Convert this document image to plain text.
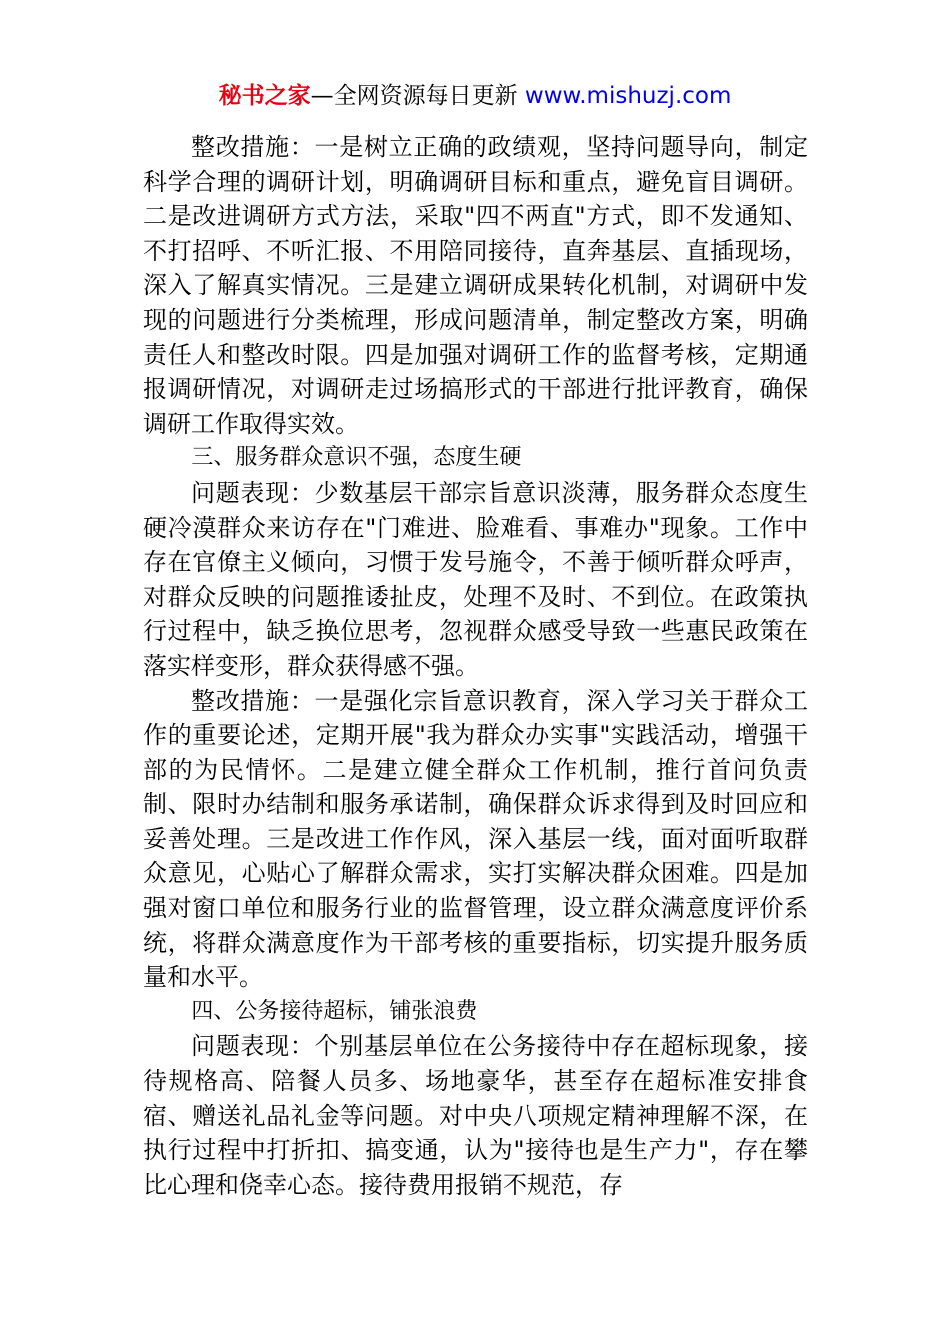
秘书之家—全网资源每日更新 www.mishuzj.com

整改措施：一是树立正确的政绩观，坚持问题导向，制定科学合理的调研计划，明确调研目标和重点，避免盲目调研。二是改进调研方式方法，采取"四不两直"方式，即不发通知、不打招呼、不听汇报、不用陪同接待，直奔基层、直插现场，深入了解真实情况。三是建立调研成果转化机制，对调研中发现的问题进行分类梳理，形成问题清单，制定整改方案，明确责任人和整改时限。四是加强对调研工作的监督考核，定期通报调研情况，对调研走过场搞形式的干部进行批评教育，确保调研工作取得实效。

三、服务群众意识不强，态度生硬

问题表现：少数基层干部宗旨意识淡薄，服务群众态度生硬冷漠群众来访存在"门难进、脸难看、事难办"现象。工作中存在官僚主义倾向，习惯于发号施令，不善于倾听群众呼声，对群众反映的问题推诿扯皮，处理不及时、不到位。在政策执行过程中，缺乏换位思考，忽视群众感受导致一些惠民政策在落实样变形，群众获得感不强。

整改措施：一是强化宗旨意识教育，深入学习关于群众工作的重要论述，定期开展"我为群众办实事"实践活动，增强干部的为民情怀。二是建立健全群众工作机制，推行首问负责制、限时办结制和服务承诺制，确保群众诉求得到及时回应和妥善处理。三是改进工作作风，深入基层一线，面对面听取群众意见，心贴心了解群众需求，实打实解决群众困难。四是加强对窗口单位和服务行业的监督管理，设立群众满意度评价系统，将群众满意度作为干部考核的重要指标，切实提升服务质量和水平。

四、公务接待超标，铺张浪费

问题表现：个别基层单位在公务接待中存在超标现象，接待规格高、陪餐人员多、场地豪华，甚至存在超标准安排食宿、赠送礼品礼金等问题。对中央八项规定精神理解不深，在执行过程中打折扣、搞变通，认为"接待也是生产力"，存在攀比心理和侥幸心态。接待费用报销不规范，存
